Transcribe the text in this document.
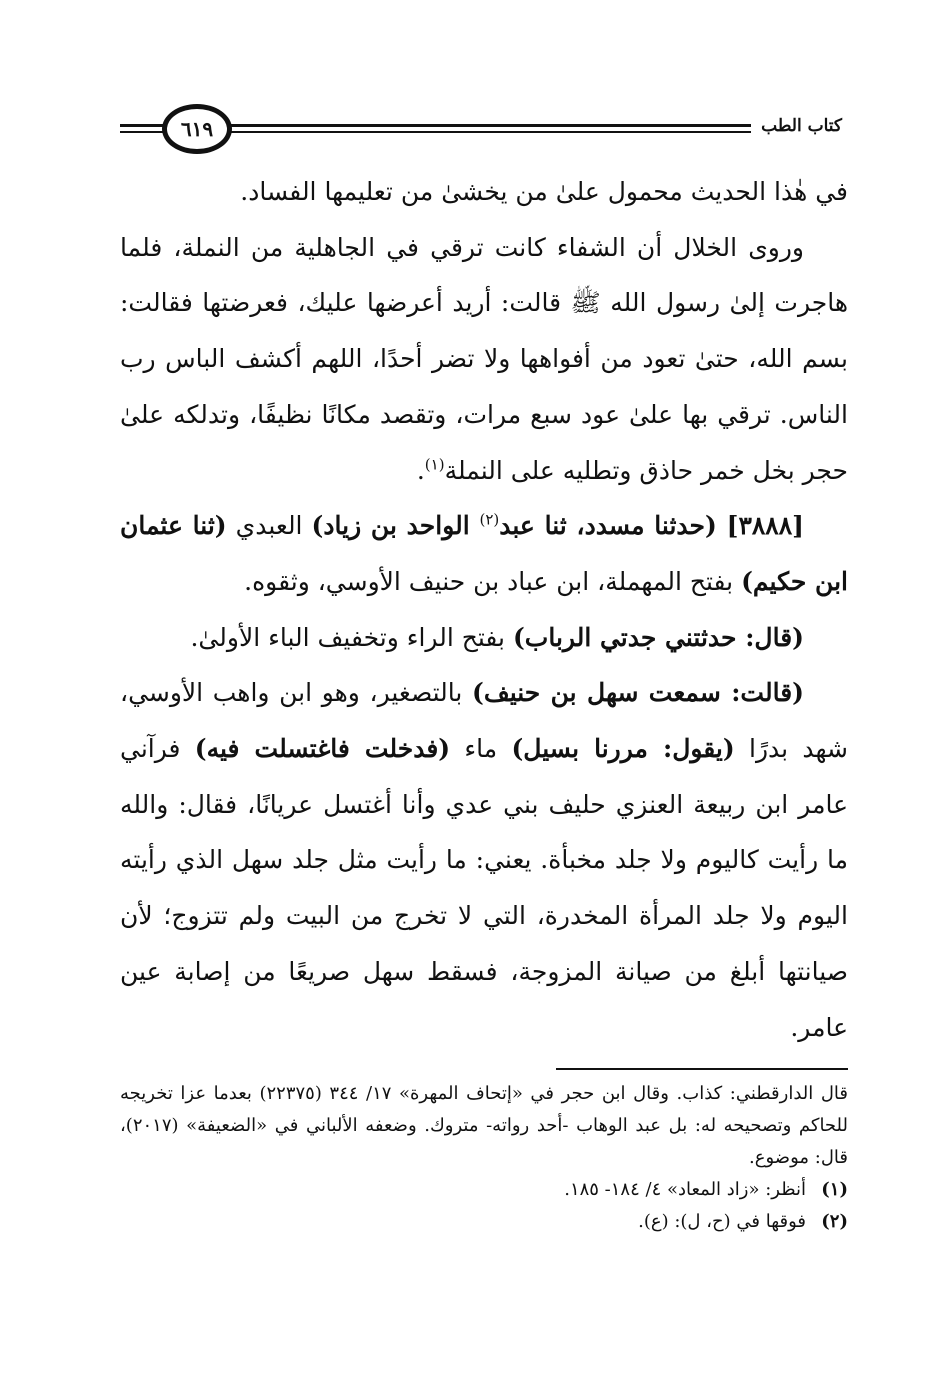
كتاب الطب
٦١٩

في هٰذا الحديث محمول علىٰ من يخشىٰ من تعليمها الفساد.

وروى الخلال أن الشفاء كانت ترقي في الجاهلية من النملة، فلما هاجرت إلىٰ رسول الله ﷺ قالت: أريد أعرضها عليك، فعرضتها فقالت: بسم الله، حتىٰ تعود من أفواهها ولا تضر أحدًا، اللهم أكشف الباس رب الناس. ترقي بها علىٰ عود سبع مرات، وتقصد مكانًا نظيفًا، وتدلكه علىٰ حجر بخل خمر حاذق وتطليه على النملة$^{(١)}$.

[٣٨٨٨] (حدثنا مسدد، ثنا عبد$^{(٢)}$ الواحد بن زياد) العبدي (ثنا عثمان ابن حكيم) بفتح المهملة، ابن عباد بن حنيف الأوسي، وثقوه.

(قال: حدثتني جدتي الرباب) بفتح الراء وتخفيف الباء الأولىٰ.

(قالت: سمعت سهل بن حنيف) بالتصغير، وهو ابن واهب الأوسي، شهد بدرًا (يقول: مررنا بسيل) ماء (فدخلت فاغتسلت فيه) فرآني عامر ابن ربيعة العنزي حليف بني عدي وأنا أغتسل عريانًا، فقال: والله ما رأيت كاليوم ولا جلد مخبأة. يعني: ما رأيت مثل جلد سهل الذي رأيته اليوم ولا جلد المرأة المخدرة، التي لا تخرج من البيت ولم تتزوج؛ لأن صيانتها أبلغ من صيانة المزوجة، فسقط سهل صريعًا من إصابة عين عامر.

قال الدارقطني: كذاب. وقال ابن حجر في «إتحاف المهرة» ١٧/ ٣٤٤ (٢٢٣٧٥) بعدما عزا تخريجه للحاكم وتصحيحه له: بل عبد الوهاب -أحد رواته- متروك. وضعفه الألباني في «الضعيفة» (٢٠١٧)، قال: موضوع.

(١)
أنظر: «زاد المعاد» ٤/ ١٨٤- ١٨٥.
(٢)
فوقها في (ح، ل): (ع).
